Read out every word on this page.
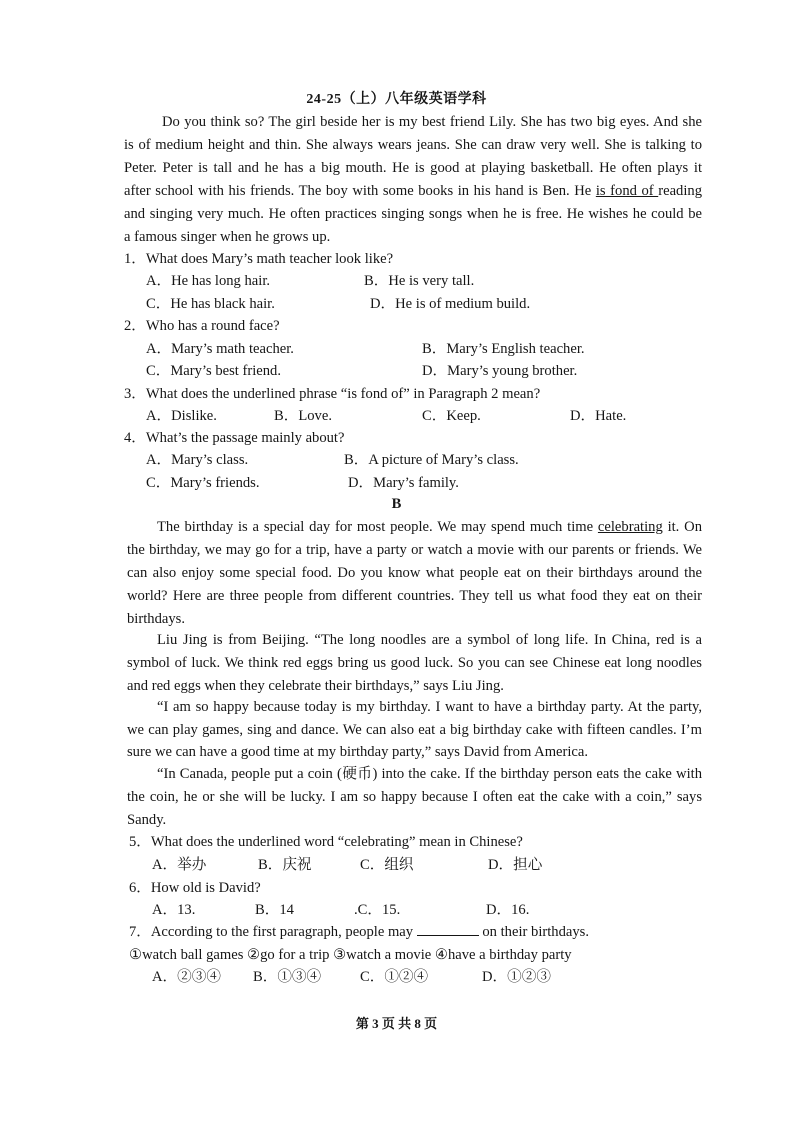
24-25（上）八年级英语学科
Do you think so? The girl beside her is my best friend Lily. She has two big eyes. And she
is of medium height and thin. She always wears jeans. She can draw very well. She is talking to
Peter. Peter is tall and he has a big mouth. He is good at playing basketball. He often plays it
after school with his friends. The boy with some books in his hand is Ben. He is fond of reading
and singing very much. He often practices singing songs when he is free. He wishes he could be
a famous singer when he grows up.
1．What does Mary’s math teacher look like?
A．He has long hair.	B．He is very tall.
C．He has black hair.	D．He is of medium build.
2．Who has a round face?
A．Mary’s math teacher.	B．Mary’s English teacher.
C．Mary’s best friend.	D．Mary’s young brother.
3．What does the underlined phrase “is fond of” in Paragraph 2 mean?
A．Dislike.	B．Love.	C．Keep.	D．Hate.
4．What’s the passage mainly about?
A．Mary’s class.	B．A picture of Mary’s class.
C．Mary’s friends.	D．Mary’s family.
B
The birthday is a special day for most people. We may spend much time celebrating it. On
the birthday, we may go for a trip, have a party or watch a movie with our parents or friends. We
can also enjoy some special food. Do you know what people eat on their birthdays around the
world? Here are three people from different countries. They tell us what food they eat on their
birthdays.
Liu Jing is from Beijing. “The long noodles are a symbol of long life. In China, red is a
symbol of luck. We think red eggs bring us good luck. So you can see Chinese eat long noodles
and red eggs when they celebrate their birthdays,” says Liu Jing.
“I am so happy because today is my birthday. I want to have a birthday party. At the party,
we can play games, sing and dance. We can also eat a big birthday cake with fifteen candles. I’m
sure we can have a good time at my birthday party,” says David from America.
“In Canada, people put a coin (硬币) into the cake. If the birthday person eats the cake with
the coin, he or she will be lucky. I am so happy because I often eat the cake with a coin,” says
Sandy.
5．What does the underlined word “celebrating” mean in Chinese?
A．举办	B．庆祝	C．组织	D．担心
6．How old is David?
A．13.	B．14	.C．15.	D．16.
7．According to the first paragraph, people may	on their birthdays.
①watch ball games ②go for a trip ③watch a movie ④have a birthday party
A．②③④ B．①③④	C．①②④	D．①②③
第 3 页 共 8 页
